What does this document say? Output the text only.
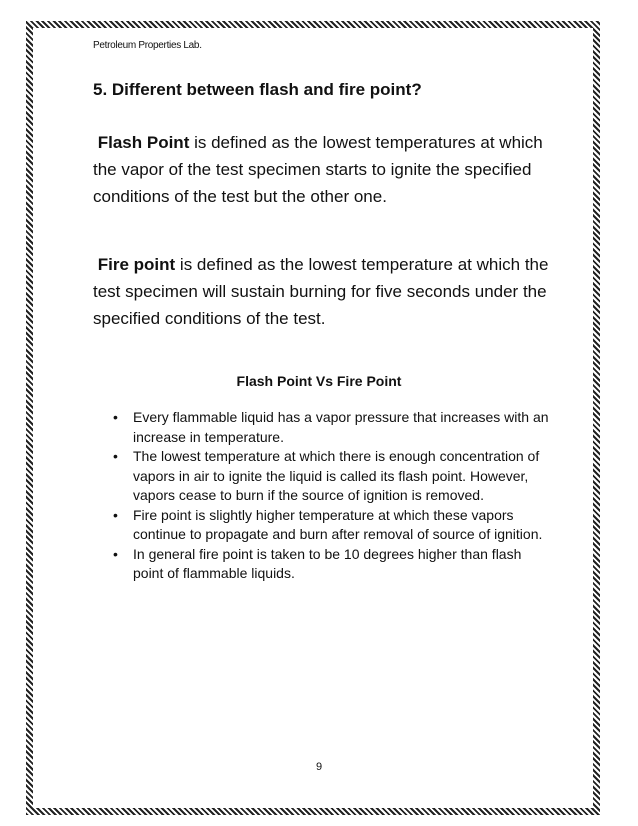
Petroleum Properties Lab.
5. Different between flash and fire point?
Flash Point is defined as the lowest temperatures at which the vapor of the test specimen starts to ignite the specified conditions of the test but the other one.
Fire point is defined as the lowest temperature at which the test specimen will sustain burning for five seconds under the specified conditions of the test.
Flash Point Vs Fire Point
• Every flammable liquid has a vapor pressure that increases with an increase in temperature.
• The lowest temperature at which there is enough concentration of vapors in air to ignite the liquid is called its flash point. However, vapors cease to burn if the source of ignition is removed.
• Fire point is slightly higher temperature at which these vapors continue to propagate and burn after removal of source of ignition.
• In general fire point is taken to be 10 degrees higher than flash point of flammable liquids.
9
